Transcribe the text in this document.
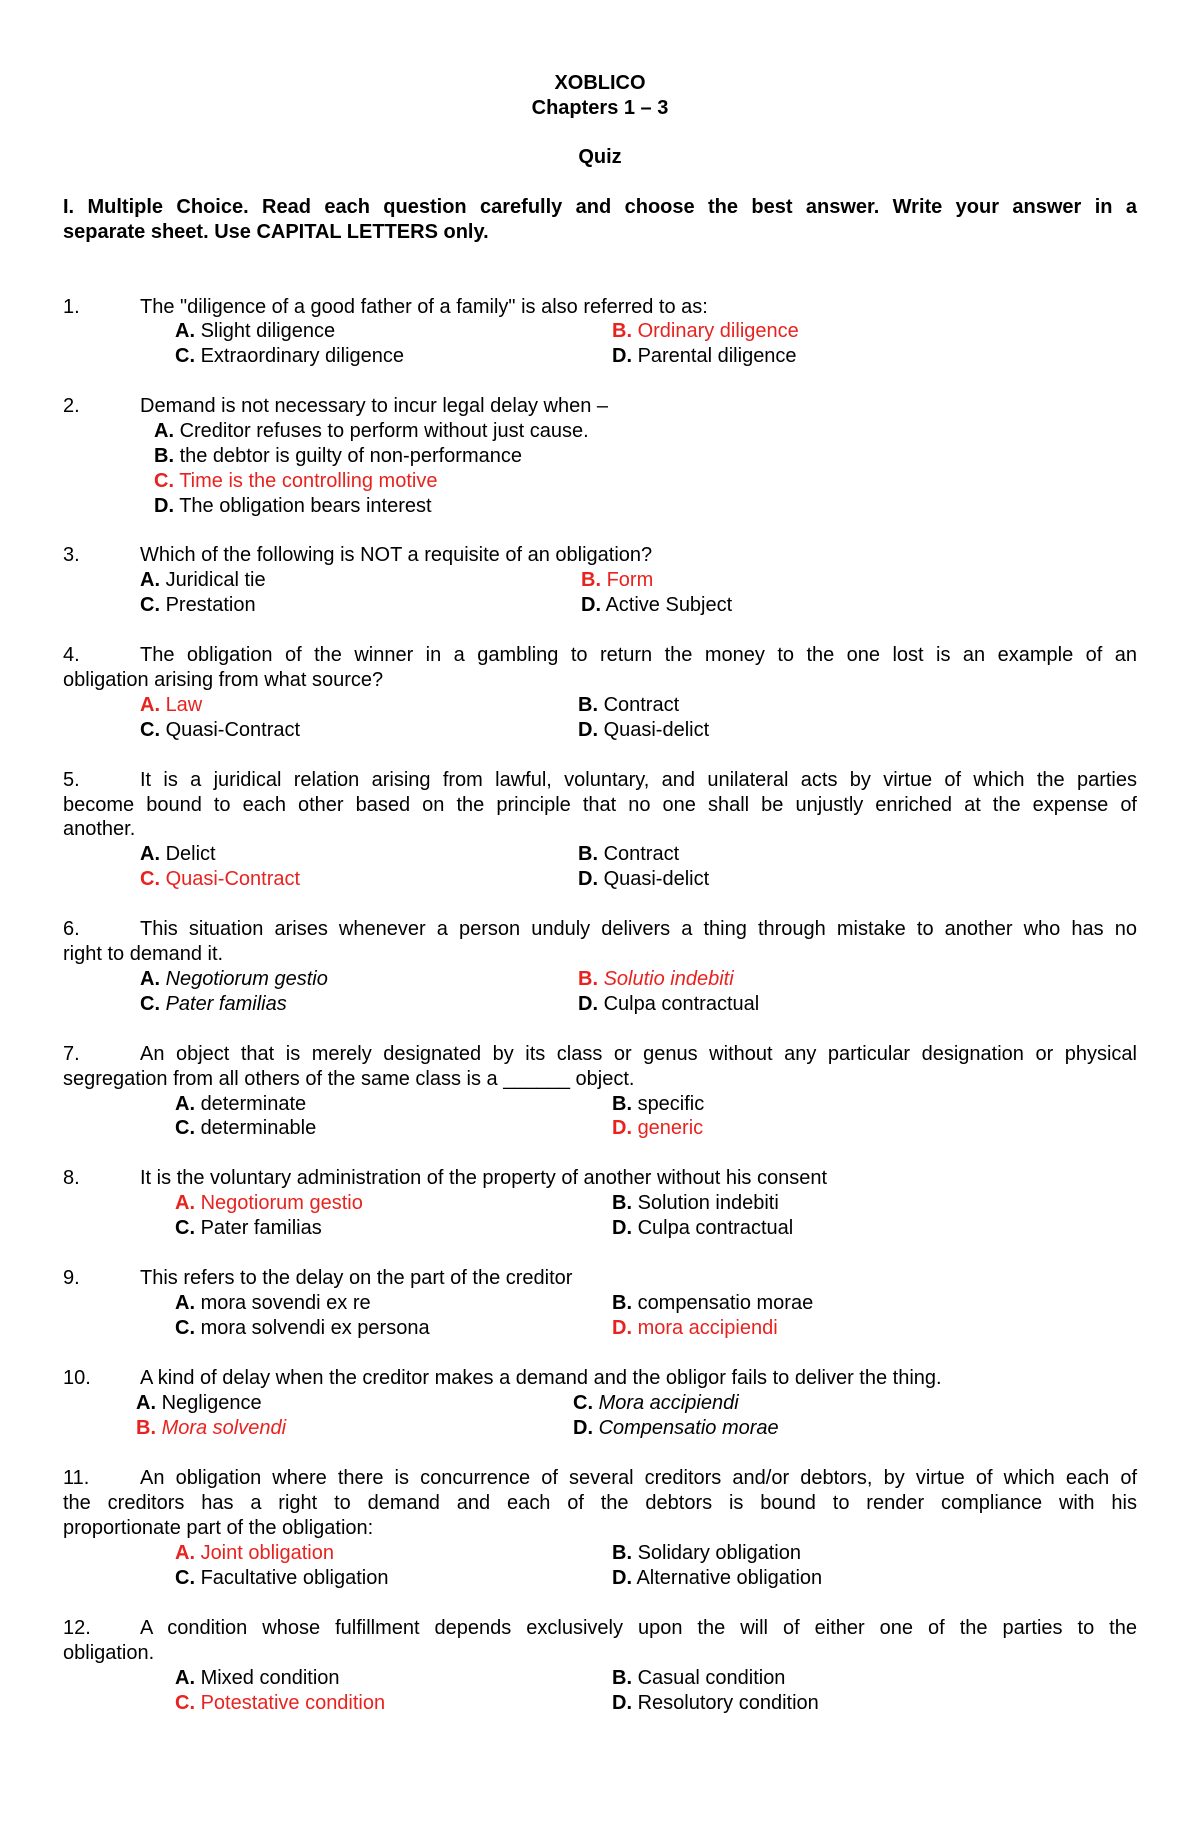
XOBLICO
Chapters 1 – 3
Quiz
I. Multiple Choice. Read each question carefully and choose the best answer. Write your answer in a
separate sheet. Use CAPITAL LETTERS only.
1.	The "diligence of a good father of a family" is also referred to as:
A. Slight diligence	B. Ordinary diligence
C. Extraordinary diligence	D. Parental diligence
2.	Demand is not necessary to incur legal delay when –
A. Creditor refuses to perform without just cause.
B. the debtor is guilty of non-performance
C. Time is the controlling motive
D. The obligation bears interest
3.	Which of the following is NOT a requisite of an obligation?
A. Juridical tie	B. Form
C. Prestation	D. Active Subject
4.	The obligation of the winner in a gambling to return the money to the one lost is an example of an
obligation arising from what source?
A. Law	B. Contract
C. Quasi-Contract	D. Quasi-delict
5.	It is a juridical relation arising from lawful, voluntary, and unilateral acts by virtue of which the parties
become bound to each other based on the principle that no one shall be unjustly enriched at the expense of
another.
A. Delict	B. Contract
C. Quasi-Contract	D. Quasi-delict
6.	This situation arises whenever a person unduly delivers a thing through mistake to another who has no
right to demand it.
A. Negotiorum gestio	B. Solutio indebiti
C. Pater familias	D. Culpa contractual
7.	An object that is merely designated by its class or genus without any particular designation or physical
segregation from all others of the same class is a ______ object.
A. determinate	B. specific
C. determinable	D. generic
8.	It is the voluntary administration of the property of another without his consent
A. Negotiorum gestio	B. Solution indebiti
C. Pater familias	D. Culpa contractual
9.	This refers to the delay on the part of the creditor
A. mora sovendi ex re	B. compensatio morae
C. mora solvendi ex persona	D. mora accipiendi
10. A kind of delay when the creditor makes a demand and the obligor fails to deliver the thing.
A. Negligence	C. Mora accipiendi
B. Mora solvendi	D. Compensatio morae
11.	An obligation where there is concurrence of several creditors and/or debtors, by virtue of which each of
the creditors has a right to demand and each of the debtors is bound to render compliance with his
proportionate part of the obligation:
A. Joint obligation	B. Solidary obligation
C. Facultative obligation	D. Alternative obligation
12. A condition whose fulfillment depends exclusively upon the will of either one of the parties to the
obligation.
A. Mixed condition	B. Casual condition
C. Potestative condition	D. Resolutory condition
